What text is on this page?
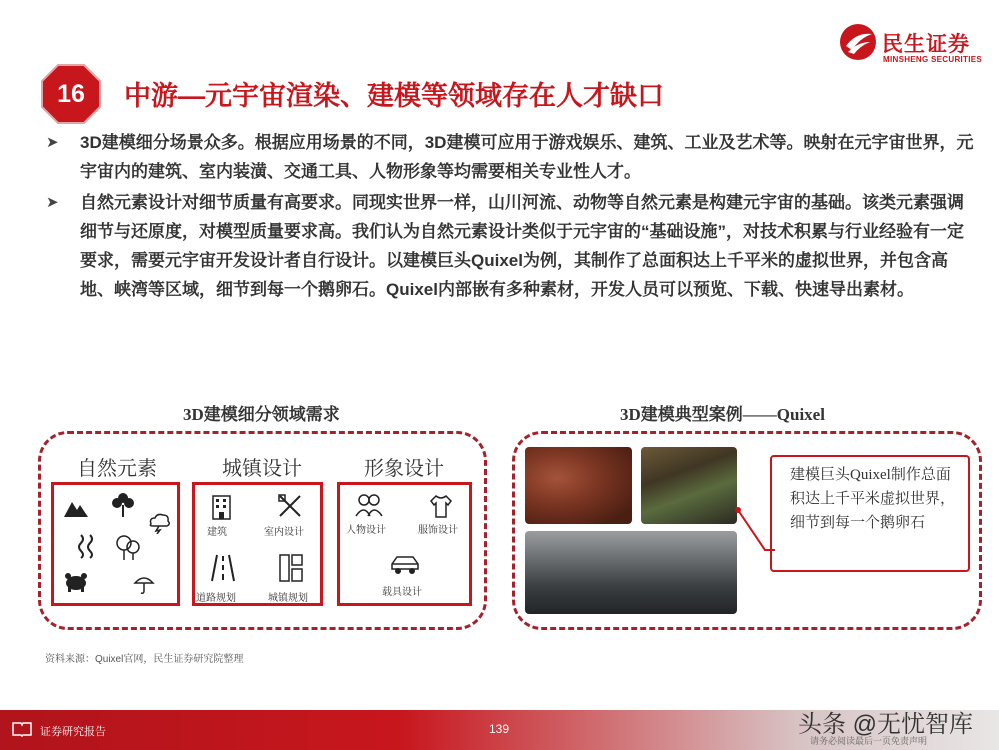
民生证券
MINSHENG SECURITIES
16	中游—元宇宙渲染、建模等领域存在人才缺口
➤ 3D建模细分场景众多。根据应用场景的不同，3D建模可应用于游戏娱乐、建筑、工业及艺术等。映射在元宇宙世界，元宇宙内的建筑、室内装潢、交通工具、人物形象等均需要相关专业性人才。
➤ 自然元素设计对细节质量有高要求。同现实世界一样，山川河流、动物等自然元素是构建元宇宙的基础。该类元素强调细节与还原度，对模型质量要求高。我们认为自然元素设计类似于元宇宙的“基础设施”，对技术积累与行业经验有一定要求，需要元宇宙开发设计者自行设计。以建模巨头Quixel为例，其制作了总面积达上千平米的虚拟世界，并包含高地、峡湾等区域，细节到每一个鹅卵石。Quixel内部嵌有多种素材，开发人员可以预览、下载、快速导出素材。
3D建模细分领域需求
自然元素	城镇设计	形象设计
建筑	室内设计
道路规划	城镇规划
人物设计	服饰设计
载具设计
3D建模典型案例——Quixel
建模巨头Quixel制作总面积达上千平米虚拟世界，细节到每一个鹅卵石
资料来源：Quixel官网，民生证券研究院整理
证券研究报告	139
请务必阅读最后一页免责声明
头条 @无忧智库
